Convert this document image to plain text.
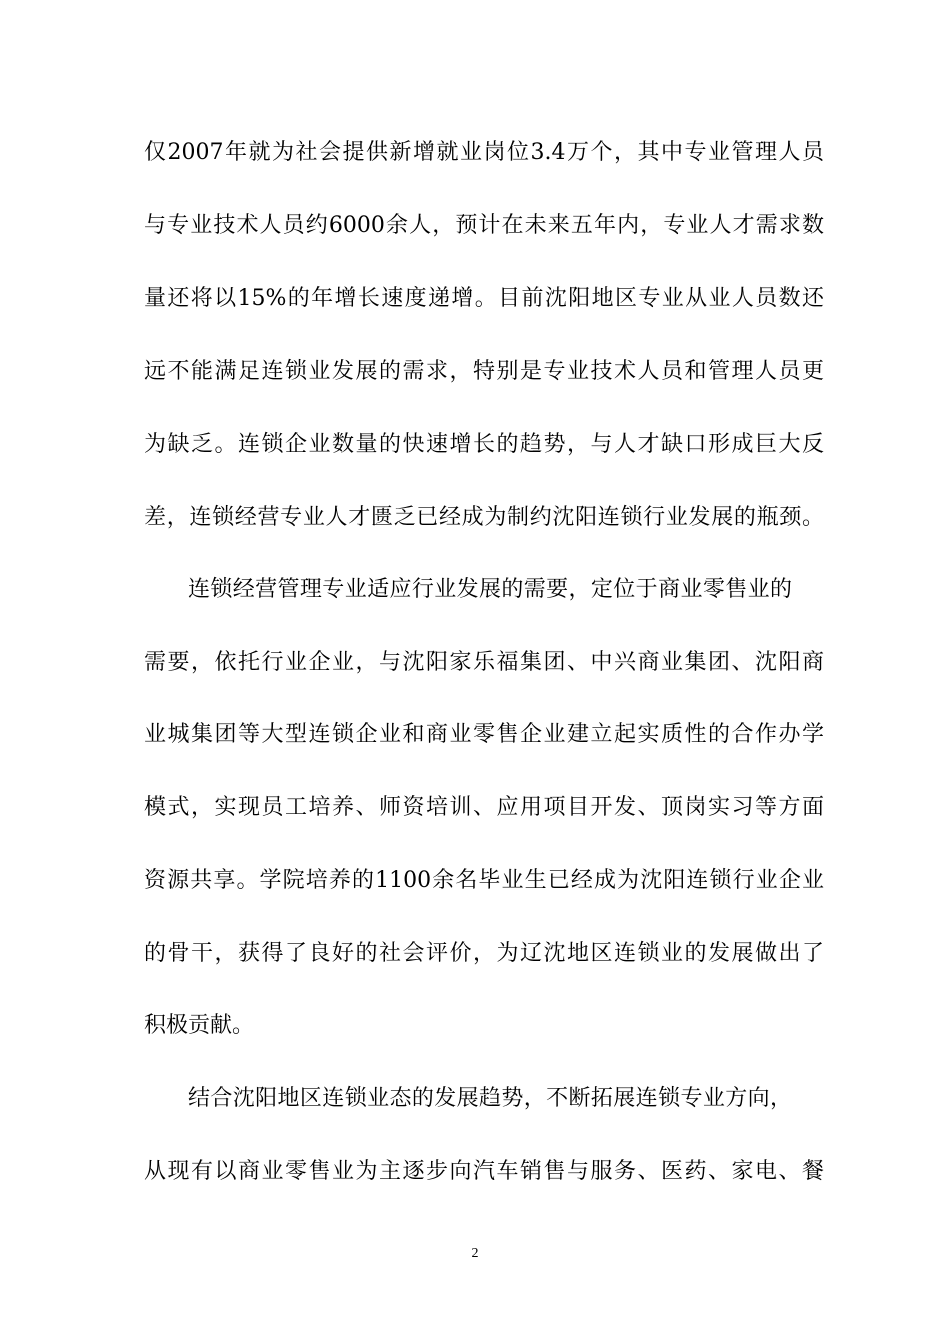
仅2007年就为社会提供新增就业岗位3.4万个，其中专业管理人员
与专业技术人员约6000余人，预计在未来五年内，专业人才需求数
量还将以15%的年增长速度递增。目前沈阳地区专业从业人员数还
远不能满足连锁业发展的需求，特别是专业技术人员和管理人员更
为缺乏。连锁企业数量的快速增长的趋势，与人才缺口形成巨大反
差，连锁经营专业人才匮乏已经成为制约沈阳连锁行业发展的瓶颈。
连锁经营管理专业适应行业发展的需要，定位于商业零售业的
需要，依托行业企业，与沈阳家乐福集团、中兴商业集团、沈阳商
业城集团等大型连锁企业和商业零售企业建立起实质性的合作办学
模式，实现员工培养、师资培训、应用项目开发、顶岗实习等方面
资源共享。学院培养的1100余名毕业生已经成为沈阳连锁行业企业
的骨干，获得了良好的社会评价，为辽沈地区连锁业的发展做出了
积极贡献。
结合沈阳地区连锁业态的发展趋势，不断拓展连锁专业方向，
从现有以商业零售业为主逐步向汽车销售与服务、医药、家电、餐
2
